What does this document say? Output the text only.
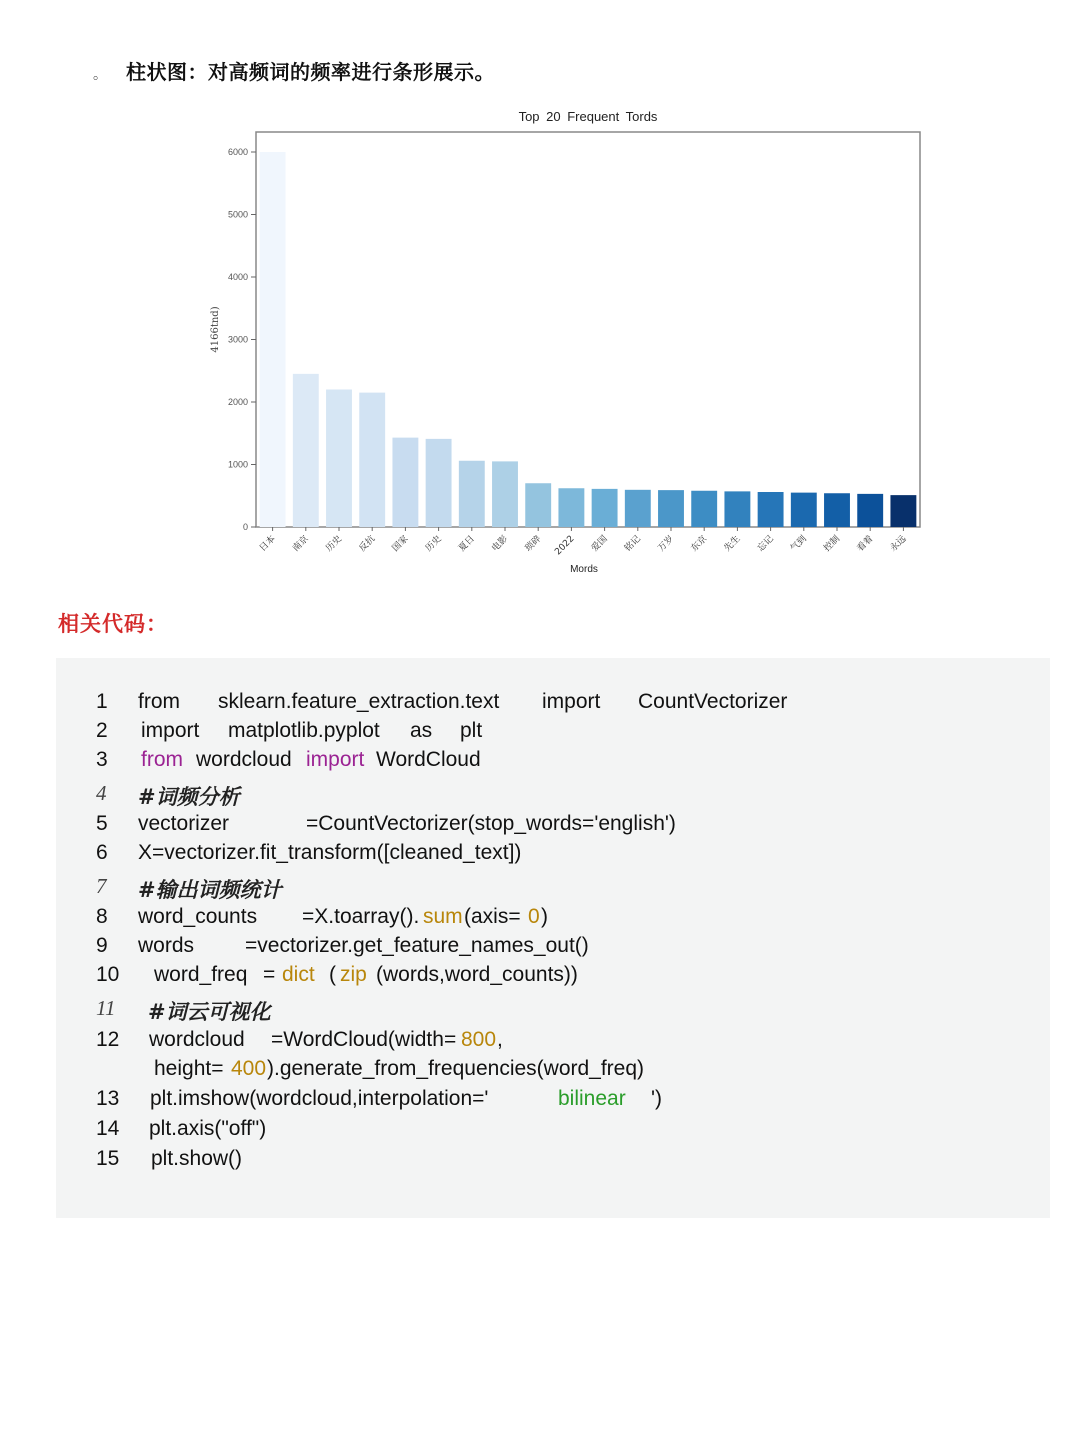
。 柱状图：对高频词的频率进行条形展示。
Top 20 Frequent Tords
0
1000
2000
3000
4000
5000
6000
4166tnd)
日本 南京 历史 反抗 国家 历史 夏日 电影 琐碎 2022 爱国 铭记 万岁 东京 先生 忘记 气到 控制 看着 永远
Mords
相关代码：
1	from sklearn.feature_extraction.text import CountVectorizer
2	import matplotlib.pyplot as plt
3	from wordcloud import WordCloud
4	#词频分析
5	vectorizer	=CountVectorizer(stop_words='english')
6	X=vectorizer.fit_transform([cleaned_text])
7	#输出词频统计
8	word_counts =X.toarray(). sum (axis= 0 )
9	words =vectorizer.get_feature_names_out()
10	word_freq = dict ( zip (words,word_counts))
11	#词云可视化
12	wordcloud =WordCloud(width= 800 ,
height= 400 ).generate_from_frequencies(word_freq)
13	plt.imshow(wordcloud,interpolation='	bilinear ')
14	plt.axis("off")
15	plt.show()
